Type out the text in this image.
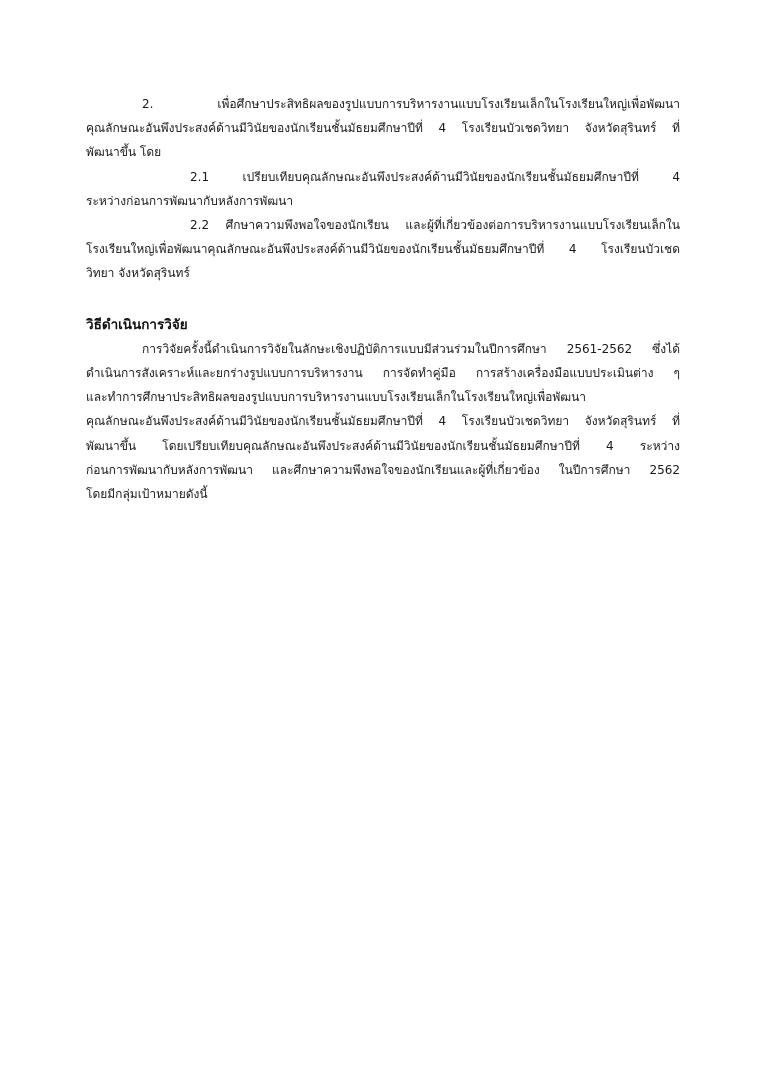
2. เพื่อศึกษาประสิทธิผลของรูปแบบการบริหารงานแบบโรงเรียนเล็กในโรงเรียนใหญ่เพื่อพัฒนา
คุณลักษณะอันพึงประสงค์ด้านมีวินัยของนักเรียนชั้นมัธยมศึกษาปีที่ 4 โรงเรียนบัวเชดวิทยา จังหวัดสุรินทร์ ที่
พัฒนาขึ้น โดย
2.1 เปรียบเทียบคุณลักษณะอันพึงประสงค์ด้านมีวินัยของนักเรียนชั้นมัธยมศึกษาปีที่ 4
ระหว่างก่อนการพัฒนากับหลังการพัฒนา
2.2 ศึกษาความพึงพอใจของนักเรียน และผู้ที่เกี่ยวข้องต่อการบริหารงานแบบโรงเรียนเล็กใน
โรงเรียนใหญ่เพื่อพัฒนาคุณลักษณะอันพึงประสงค์ด้านมีวินัยของนักเรียนชั้นมัธยมศึกษาปีที่ 4 โรงเรียนบัวเชด
วิทยา จังหวัดสุรินทร์
วิธีดำเนินการวิจัย
การวิจัยครั้งนี้ดำเนินการวิจัยในลักษะเชิงปฏิบัติการแบบมีส่วนร่วมในปีการศึกษา 2561-2562 ซึ่งได้
ดำเนินการสังเคราะห์และยกร่างรูปแบบการบริหารงาน การจัดทำคู่มือ การสร้างเครื่องมือแบบประเมินต่าง ๆ
และทำการศึกษาประสิทธิผลของรูปแบบการบริหารงานแบบโรงเรียนเล็กในโรงเรียนใหญ่เพื่อพัฒนา
คุณลักษณะอันพึงประสงค์ด้านมีวินัยของนักเรียนชั้นมัธยมศึกษาปีที่ 4 โรงเรียนบัวเชดวิทยา จังหวัดสุรินทร์ ที่
พัฒนาขึ้น โดยเปรียบเทียบคุณลักษณะอันพึงประสงค์ด้านมีวินัยของนักเรียนชั้นมัธยมศึกษาปีที่ 4 ระหว่าง
ก่อนการพัฒนากับหลังการพัฒนา และศึกษาความพึงพอใจของนักเรียนและผู้ที่เกี่ยวข้อง ในปีการศึกษา 2562
โดยมีกลุ่มเป้าหมายดังนี้
